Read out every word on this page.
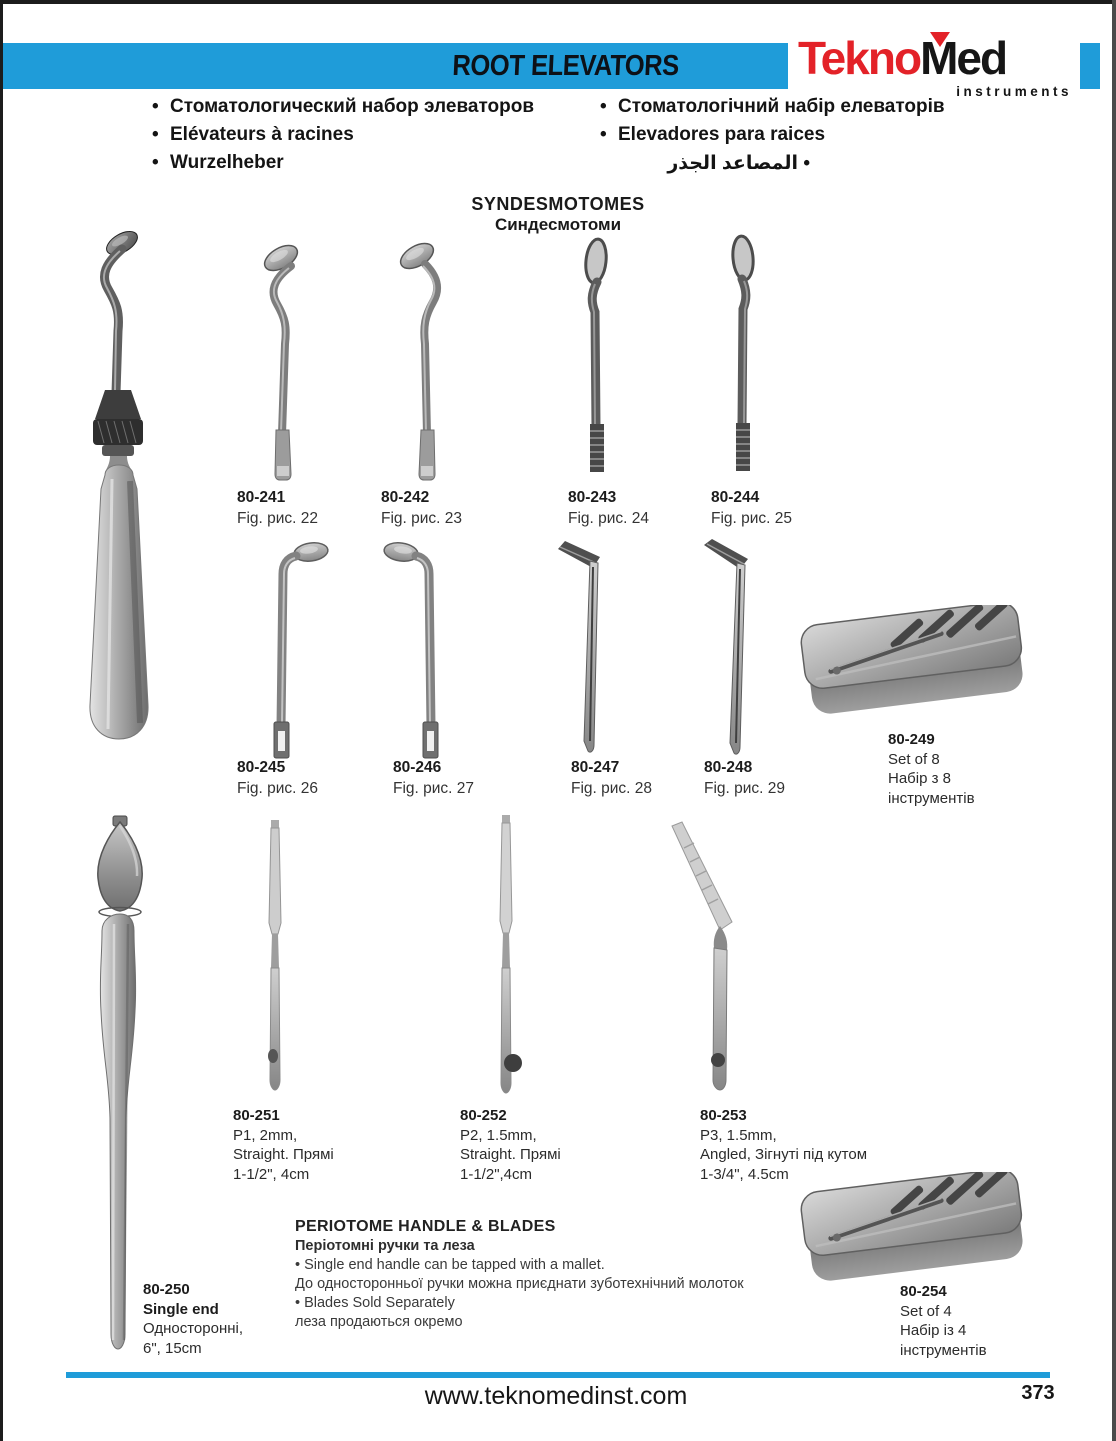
ROOT ELEVATORS	TeknoMed
instruments
• Стоматологический набор элеваторов
• Elévateurs à racines
• Wurzelheber
• Стоматологічний набір елеваторів
• Elevadores para raices
المصاعد الجذر •
SYNDESMOTOMES
Синдесмотоми
80-241
Fig. рис. 22
80-242
Fig. рис. 23
80-243
Fig. рис. 24
80-244
Fig. рис. 25
80-245
Fig. рис. 26
80-246
Fig. рис. 27
80-247
Fig. рис. 28
80-248
Fig. рис. 29
80-249
Set of 8
Набір з 8
інструментів
80-250
Single end
Односторонні,
6", 15cm
80-251
P1, 2mm,
Straight. Прямі
1-1/2", 4cm
80-252
P2, 1.5mm,
Straight. Прямі
1-1/2",4cm
80-253
P3, 1.5mm,
Angled, Зігнуті під кутом
1-3/4", 4.5cm
80-254
Set of 4
Набір із 4
інструментів
PERIOTOME HANDLE & BLADES
Періотомні ручки та леза
• Single end handle can be tapped with a mallet.
До односторонньої ручки можна приєднати зуботехнічний молоток
• Blades Sold Separately
леза продаються окремо
www.teknomedinst.com	373
